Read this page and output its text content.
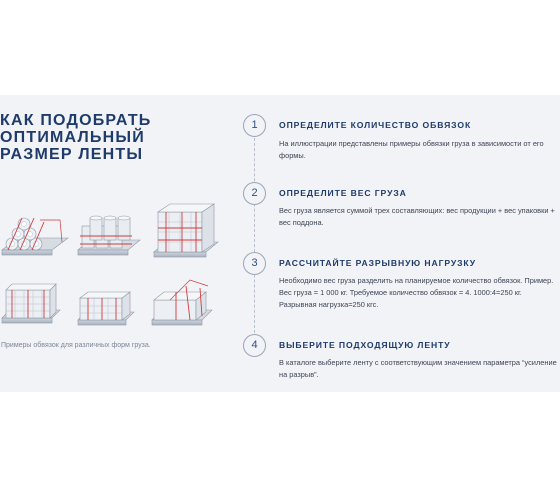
КАК ПОДОБРАТЬ
ОПТИМАЛЬНЫЙ
РАЗМЕР ЛЕНТЫ
Примеры обвязок для различных форм груза.
1	ОПРЕДЕЛИТЕ КОЛИЧЕСТВО ОБВЯЗОК
На иллюстрации представлены примеры обвязки груза в зависимости от его
формы.
2	ОПРЕДЕЛИТЕ ВЕС ГРУЗА
Вес груза является суммой трех составляющих: вес продукции + вес упаковки +
вес поддона.
3	РАССЧИТАЙТЕ РАЗРЫВНУЮ НАГРУЗКУ
Необходимо вес груза разделить на планируемое количество обвязок. Пример.
Вес груза = 1 000 кг. Требуемое количество обвязок = 4. 1000:4=250 кг.
Разрывная нагрузка=250 кгс.
4	ВЫБЕРИТЕ ПОДХОДЯЩУЮ ЛЕНТУ
В каталоге выберите ленту с соответствующим значением параметра “усиление
на разрыв”.
